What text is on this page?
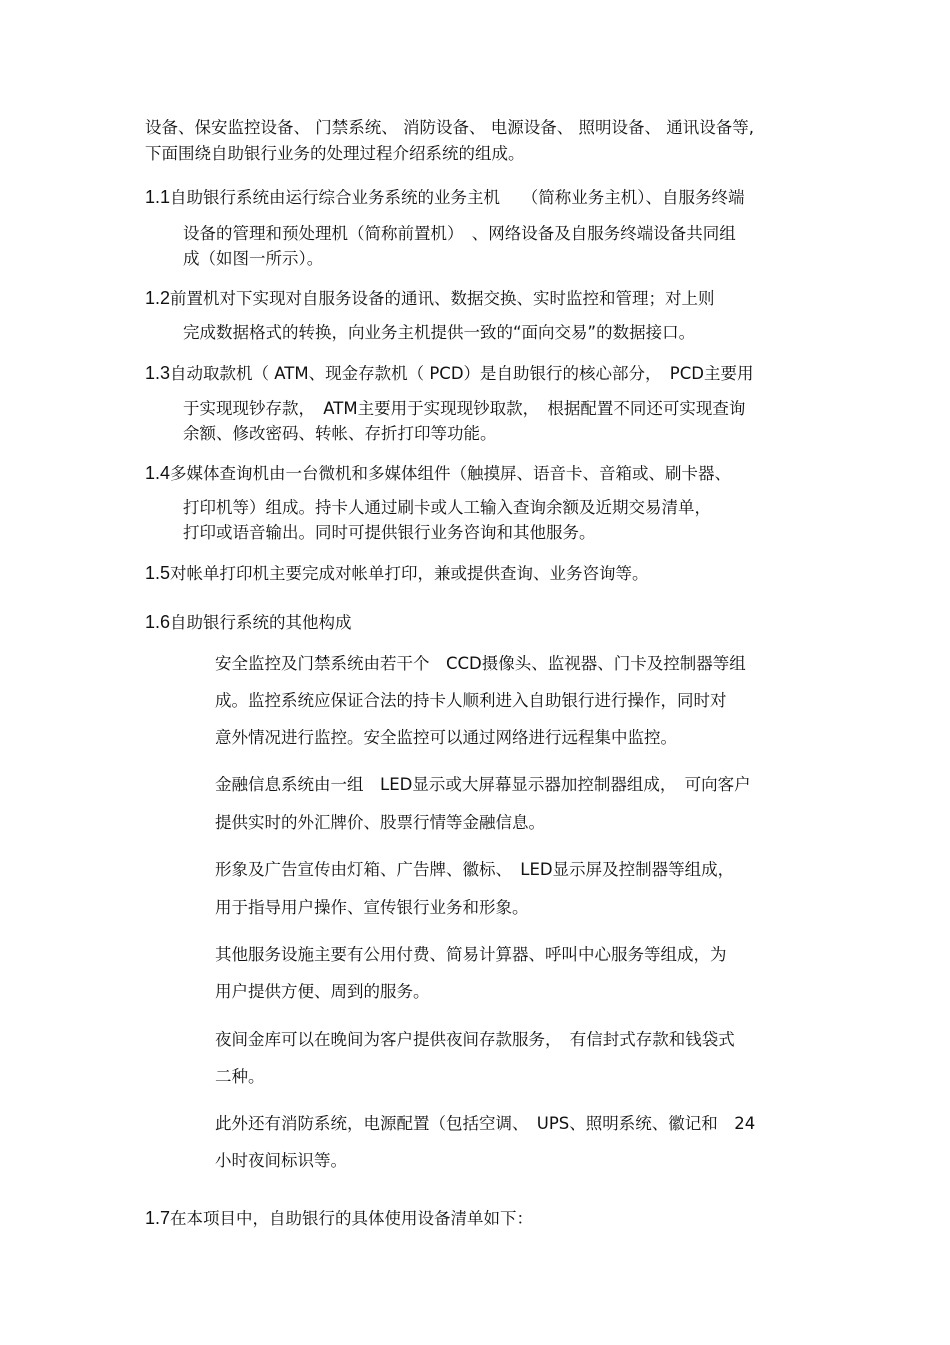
设备、保安监控设备、 门禁系统、 消防设备、 电源设备、 照明设备、 通讯设备等,
下面围绕自助银行业务的处理过程介绍系统的组成。
1.1自助银行系统由运行综合业务系统的业务主机　 （简称业务主机）、自服务终端
设备的管理和预处理机（简称前置机）　、网络设备及自服务终端设备共同组
成（如图一所示）。
1.2前置机对下实现对自服务设备的通讯、数据交换、实时监控和管理；对上则
完成数据格式的转换，向业务主机提供一致的“面向交易”的数据接口。
1.3自动取款机（ ATM、现金存款机（ PCD）是自助银行的核心部分，　PCD主要用
于实现现钞存款，　ATM主要用于实现现钞取款，　根据配置不同还可实现查询
余额、修改密码、转帐、存折打印等功能。
1.4多媒体查询机由一台微机和多媒体组件（触摸屏、语音卡、音箱或、刷卡器、
打印机等）组成。持卡人通过刷卡或人工输入查询余额及近期交易清单，
打印或语音输出。同时可提供银行业务咨询和其他服务。
1.5对帐单打印机主要完成对帐单打印，兼或提供查询、业务咨询等。
1.6自助银行系统的其他构成
安全监控及门禁系统由若干个　CCD摄像头、监视器、门卡及控制器等组
成。监控系统应保证合法的持卡人顺利进入自助银行进行操作，同时对
意外情况进行监控。安全监控可以通过网络进行远程集中监控。
金融信息系统由一组　LED显示或大屏幕显示器加控制器组成，　可向客户
提供实时的外汇牌价、股票行情等金融信息。
形象及广告宣传由灯箱、广告牌、徽标、　LED显示屏及控制器等组成，
用于指导用户操作、宣传银行业务和形象。
其他服务设施主要有公用付费、简易计算器、呼叫中心服务等组成，为
用户提供方便、周到的服务。
夜间金库可以在晚间为客户提供夜间存款服务，　有信封式存款和钱袋式
二种。
此外还有消防系统，电源配置（包括空调、　UPS、照明系统、徽记和　24
小时夜间标识等。
1.7在本项目中，自助银行的具体使用设备清单如下：
